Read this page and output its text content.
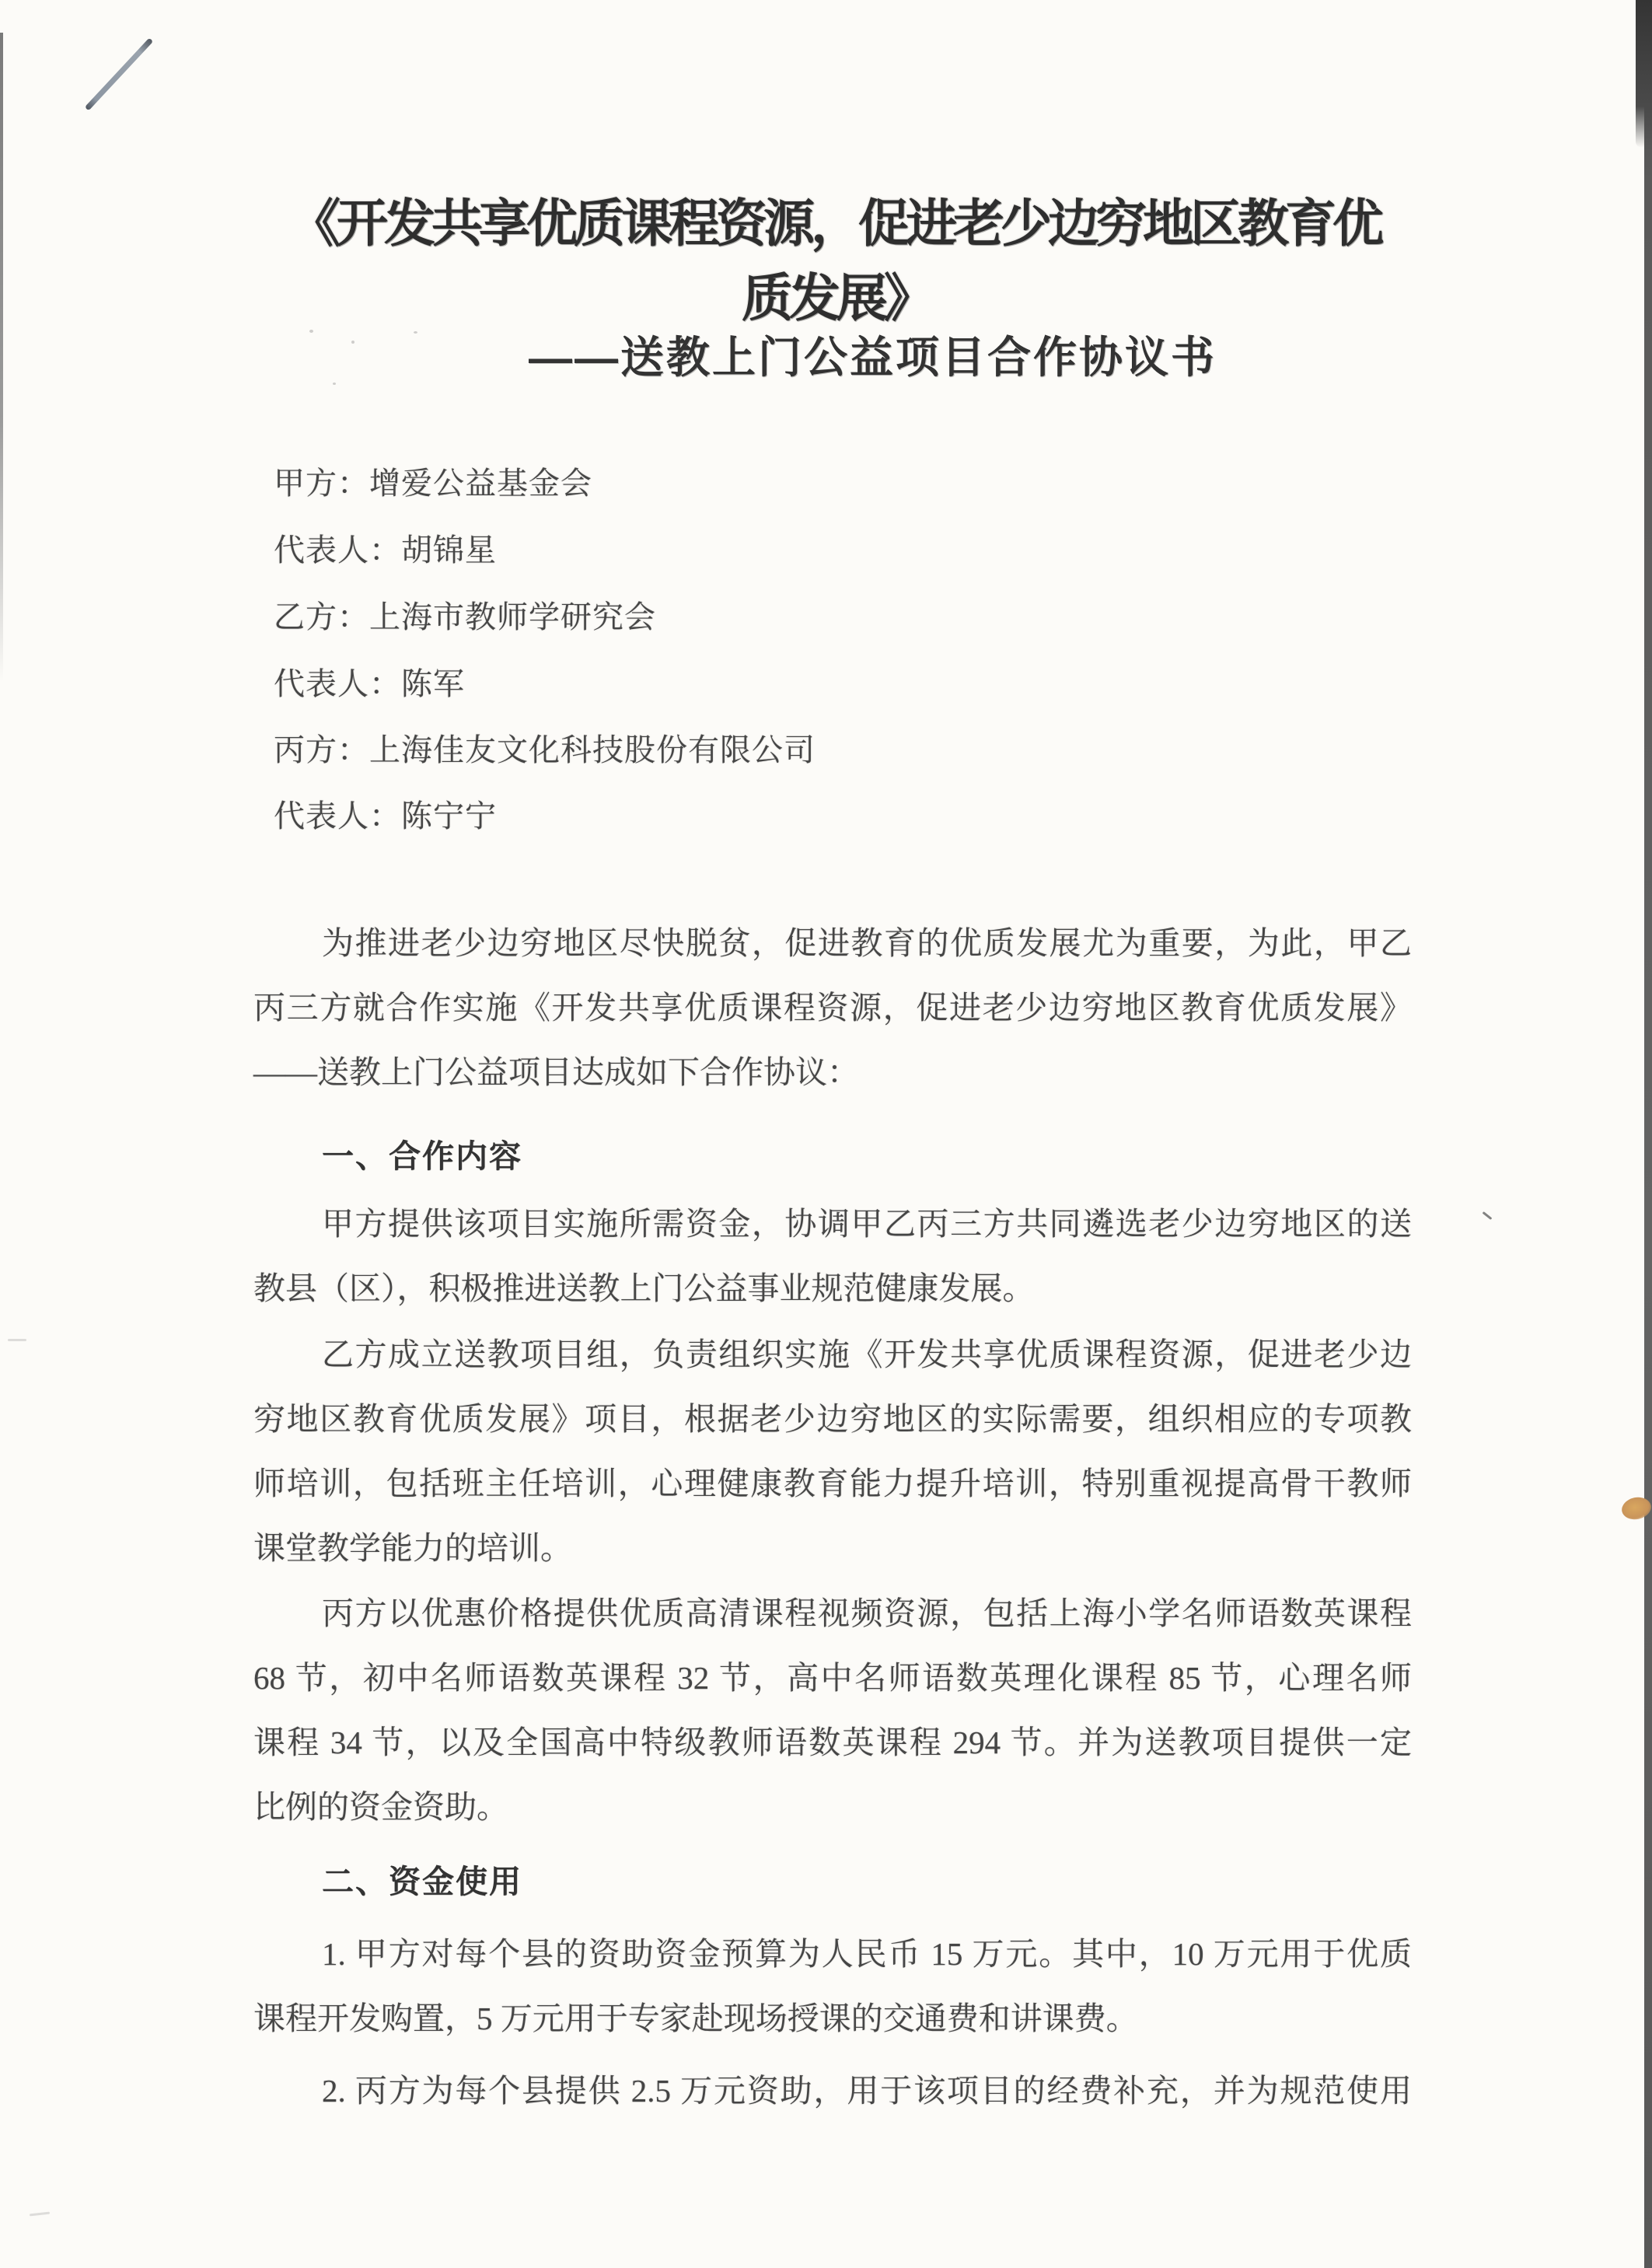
《开发共享优质课程资源，促进老少边穷地区教育优
质发展》
——送教上门公益项目合作协议书
甲方：增爱公益基金会
代表人：胡锦星
乙方：上海市教师学研究会
代表人：陈军
丙方：上海佳友文化科技股份有限公司
代表人：陈宁宁
为推进老少边穷地区尽快脱贫，促进教育的优质发展尤为重要，为此，甲乙
丙三方就合作实施《开发共享优质课程资源，促进老少边穷地区教育优质发展》
——送教上门公益项目达成如下合作协议：
一、合作内容
甲方提供该项目实施所需资金，协调甲乙丙三方共同遴选老少边穷地区的送
教县（区），积极推进送教上门公益事业规范健康发展。
乙方成立送教项目组，负责组织实施《开发共享优质课程资源，促进老少边
穷地区教育优质发展》项目，根据老少边穷地区的实际需要，组织相应的专项教
师培训，包括班主任培训，心理健康教育能力提升培训，特别重视提高骨干教师
课堂教学能力的培训。
丙方以优惠价格提供优质高清课程视频资源，包括上海小学名师语数英课程
68 节，初中名师语数英课程 32 节，高中名师语数英理化课程 85 节，心理名师
课程 34 节，以及全国高中特级教师语数英课程 294 节。并为送教项目提供一定
比例的资金资助。
二、资金使用
1. 甲方对每个县的资助资金预算为人民币 15 万元。其中，10 万元用于优质
课程开发购置，5 万元用于专家赴现场授课的交通费和讲课费。
2. 丙方为每个县提供 2.5 万元资助，用于该项目的经费补充，并为规范使用
